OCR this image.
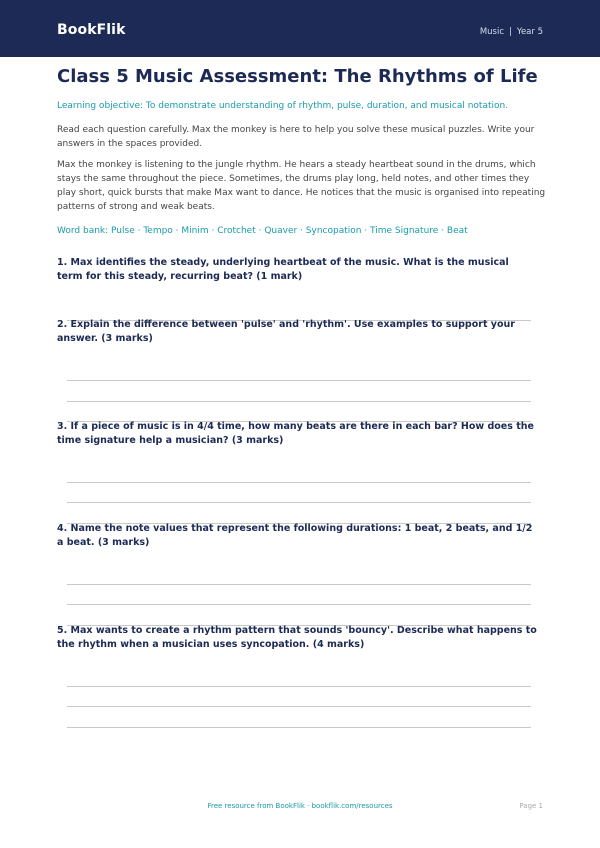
BookFlik	Music | Year 5
Class 5 Music Assessment: The Rhythms of Life
Learning objective: To demonstrate understanding of rhythm, pulse, duration, and musical notation.

Read each question carefully. Max the monkey is here to help you solve these musical puzzles. Write your answers in the spaces provided.

Max the monkey is listening to the jungle rhythm. He hears a steady heartbeat sound in the drums, which stays the same throughout the piece. Sometimes, the drums play long, held notes, and other times they play short, quick bursts that make Max want to dance. He notices that the music is organised into repeating patterns of strong and weak beats.

Word bank: Pulse · Tempo · Minim · Crotchet · Quaver · Syncopation · Time Signature · Beat

1. Max identifies the steady, underlying heartbeat of the music. What is the musical term for this steady, recurring beat? (1 mark)

2. Explain the difference between 'pulse' and 'rhythm'. Use examples to support your answer. (3 marks)

3. If a piece of music is in 4/4 time, how many beats are there in each bar? How does the time signature help a musician? (3 marks)

4. Name the note values that represent the following durations: 1 beat, 2 beats, and 1/2 a beat. (3 marks)

5. Max wants to create a rhythm pattern that sounds 'bouncy'. Describe what happens to the rhythm when a musician uses syncopation. (4 marks)

Free resource from BookFlik · bookflik.com/resources	Page 1
